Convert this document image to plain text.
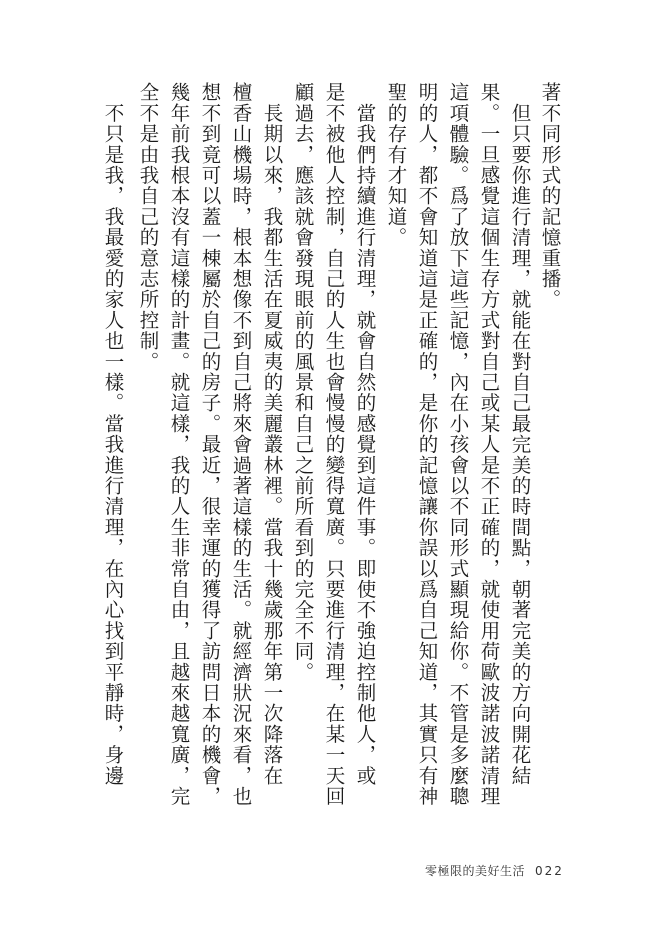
著不同形式的記憶重播。

　但只要你進行清理，就能在對自己最完美的時間點，朝著完美的方向開花結

果。一旦感覺這個生存方式對自己或某人是不正確的，就使用荷歐波諾波諾清理

這項體驗。爲了放下這些記憶，內在小孩會以不同形式顯現給你。不管是多麼聰

明的人，都不會知道這是正確的，是你的記憶讓你誤以爲自己知道，其實只有神

聖的存有才知道。

　當我們持續進行清理，就會自然的感覺到這件事。即使不強迫控制他人，或

是不被他人控制，自己的人生也會慢慢的變得寬廣。只要進行清理，在某一天回

顧過去，應該就會發現眼前的風景和自己之前所看到的完全不同。

　長期以來，我都生活在夏威夷的美麗叢林裡。當我十幾歲那年第一次降落在

檀香山機場時，根本想像不到自己將來會過著這樣的生活。就經濟狀況來看，也

想不到竟可以蓋一棟屬於自己的房子。最近，很幸運的獲得了訪問日本的機會，

幾年前我根本沒有這樣的計畫。就這樣，我的人生非常自由，且越來越寬廣，完

全不是由我自己的意志所控制。

　不只是我，我最愛的家人也一樣。當我進行清理，在內心找到平靜時，身邊

零極限的美好生活 022
